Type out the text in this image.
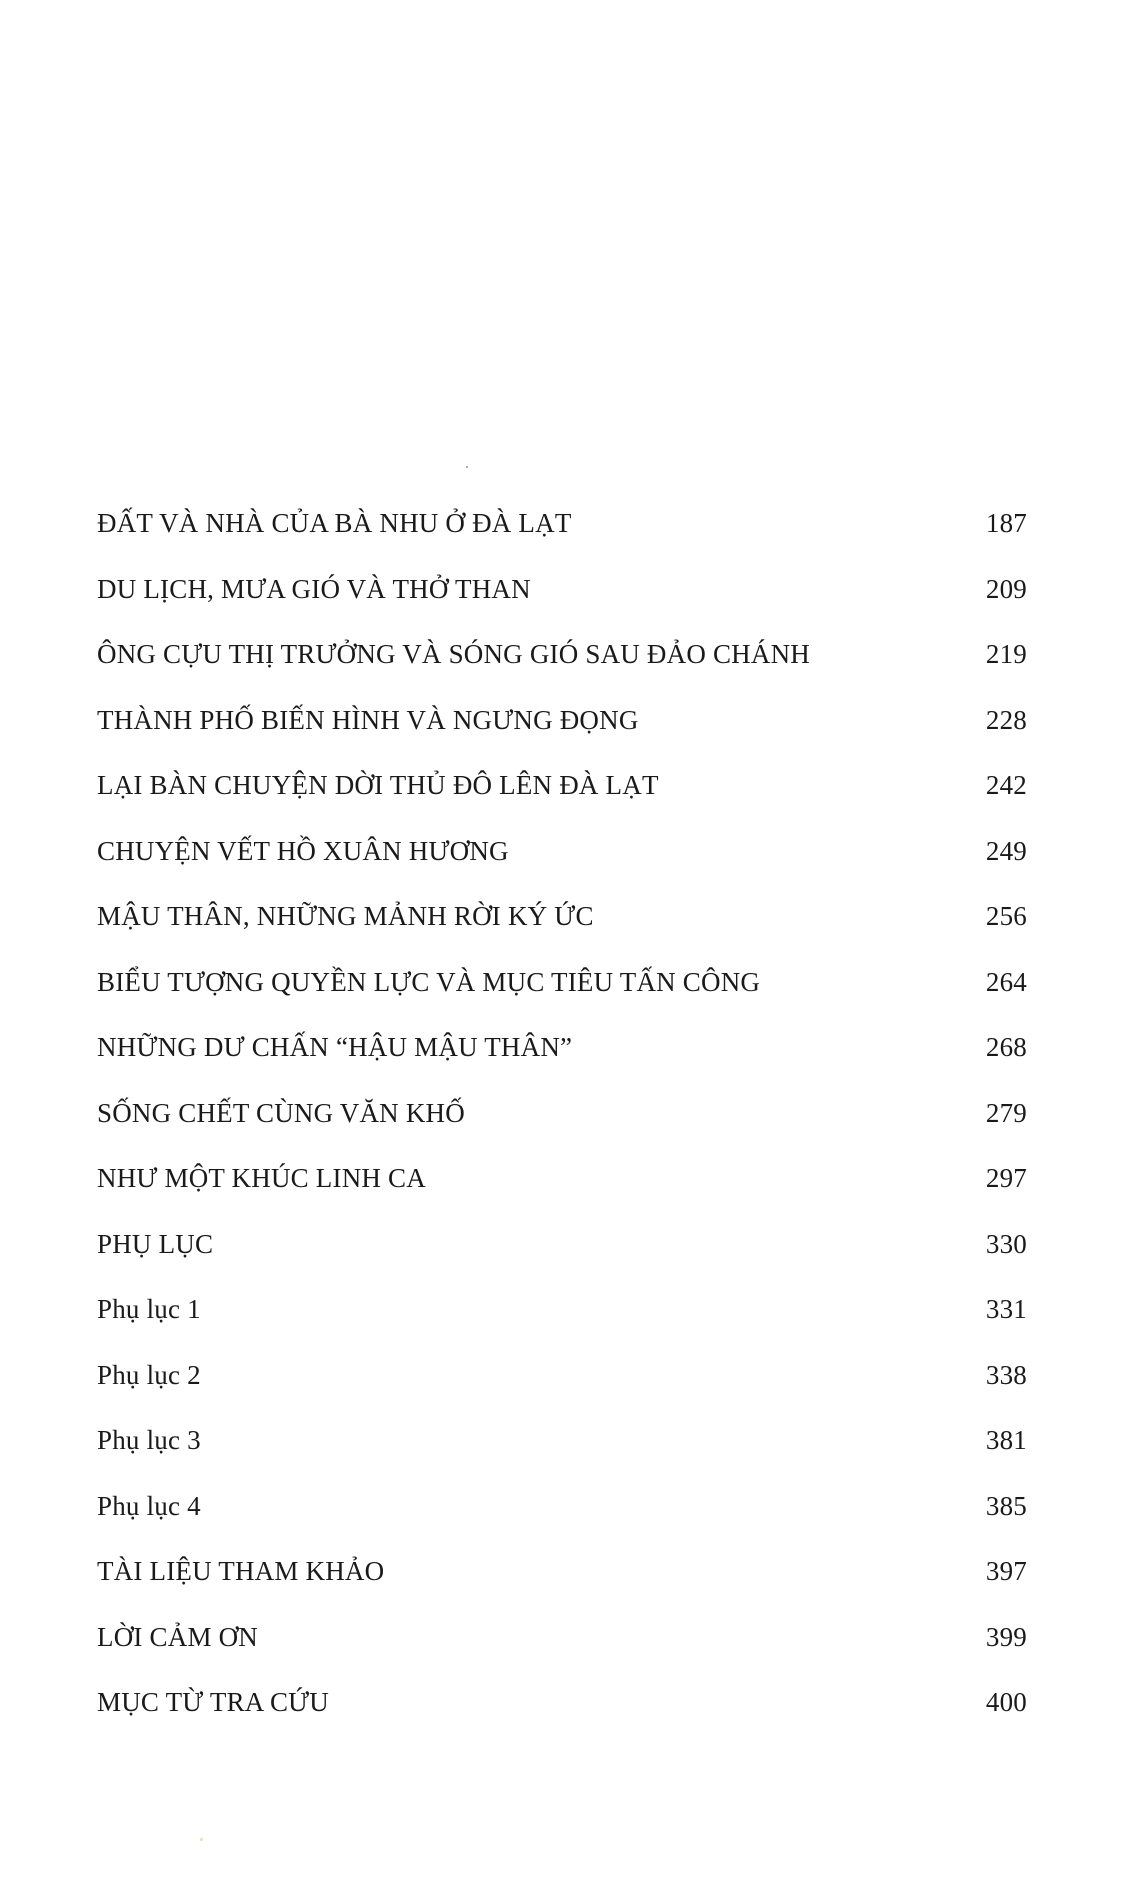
ĐẤT VÀ NHÀ CỦA BÀ NHU Ở ĐÀ LẠT	187
DU LỊCH, MƯA GIÓ VÀ THỞ THAN	209
ÔNG CỰU THỊ TRƯỞNG VÀ SÓNG GIÓ SAU ĐẢO CHÁNH	219
THÀNH PHỐ BIẾN HÌNH VÀ NGƯNG ĐỌNG	228
LẠI BÀN CHUYỆN DỜI THỦ ĐÔ LÊN ĐÀ LẠT	242
CHUYỆN VẾT HỒ XUÂN HƯƠNG	249
MẬU THÂN, NHỮNG MẢNH RỜI KÝ ỨC	256
BIỂU TƯỢNG QUYỀN LỰC VÀ MỤC TIÊU TẤN CÔNG	264
NHỮNG DƯ CHẤN “HẬU MẬU THÂN”	268
SỐNG CHẾT CÙNG VĂN KHỐ	279
NHƯ MỘT KHÚC LINH CA	297
PHỤ LỤC	330
Phụ lục 1	331
Phụ lục 2	338
Phụ lục 3	381
Phụ lục 4	385
TÀI LIỆU THAM KHẢO	397
LỜI CẢM ƠN	399
MỤC TỪ TRA CỨU	400
